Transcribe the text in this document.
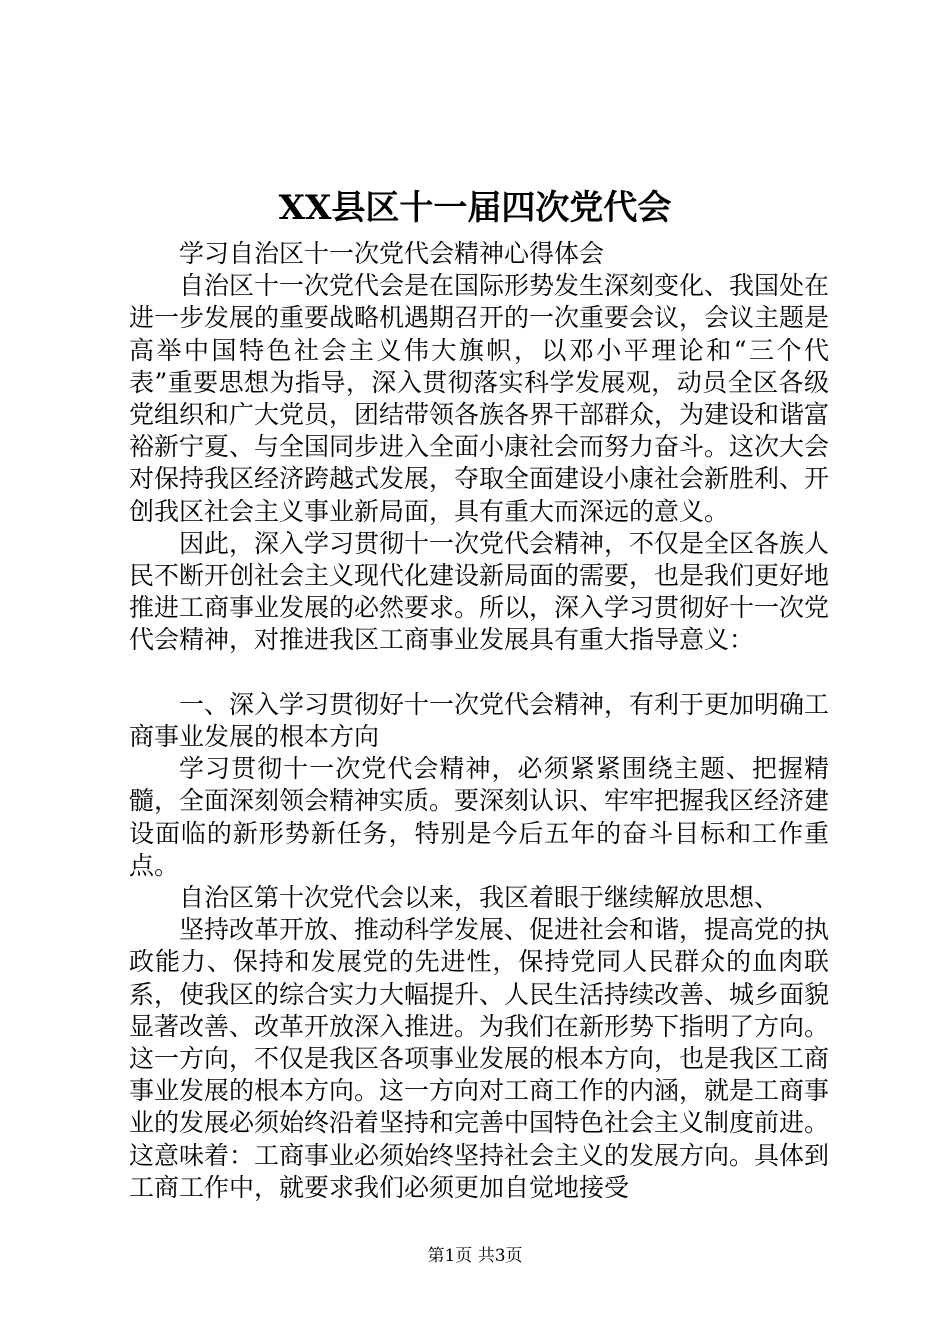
XX县区十一届四次党代会

学习自治区十一次党代会精神心得体会

自治区十一次党代会是在国际形势发生深刻变化、我国处在进一步发展的重要战略机遇期召开的一次重要会议，会议主题是高举中国特色社会主义伟大旗帜，以邓小平理论和“三个代表”重要思想为指导，深入贯彻落实科学发展观，动员全区各级党组织和广大党员，团结带领各族各界干部群众，为建设和谐富裕新宁夏、与全国同步进入全面小康社会而努力奋斗。这次大会对保持我区经济跨越式发展，夺取全面建设小康社会新胜利、开创我区社会主义事业新局面，具有重大而深远的意义。

因此，深入学习贯彻十一次党代会精神，不仅是全区各族人民不断开创社会主义现代化建设新局面的需要，也是我们更好地推进工商事业发展的必然要求。所以，深入学习贯彻好十一次党代会精神，对推进我区工商事业发展具有重大指导意义：

一、深入学习贯彻好十一次党代会精神，有利于更加明确工商事业发展的根本方向

学习贯彻十一次党代会精神，必须紧紧围绕主题、把握精髓，全面深刻领会精神实质。要深刻认识、牢牢把握我区经济建设面临的新形势新任务，特别是今后五年的奋斗目标和工作重点。

自治区第十次党代会以来，我区着眼于继续解放思想、

坚持改革开放、推动科学发展、促进社会和谐，提高党的执政能力、保持和发展党的先进性，保持党同人民群众的血肉联系，使我区的综合实力大幅提升、人民生活持续改善、城乡面貌显著改善、改革开放深入推进。为我们在新形势下指明了方向。这一方向，不仅是我区各项事业发展的根本方向，也是我区工商事业发展的根本方向。这一方向对工商工作的内涵，就是工商事业的发展必须始终沿着坚持和完善中国特色社会主义制度前进。这意味着：工商事业必须始终坚持社会主义的发展方向。具体到工商工作中，就要求我们必须更加自觉地接受

第1页 共3页
